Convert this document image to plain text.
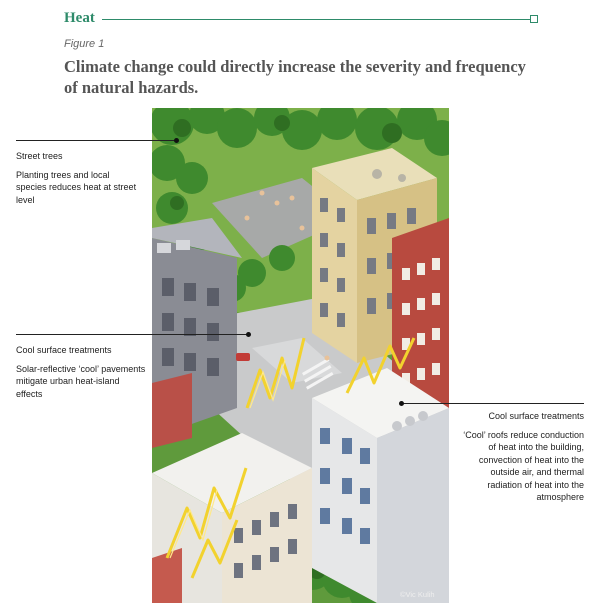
Heat
Figure 1
Climate change could directly increase the severity and frequency of natural hazards.
Street trees
Planting trees and local species reduces heat at street level
Cool surface treatments
Solar-reflective ‘cool’ pavements mitigate urban heat-island effects
Cool surface treatments
‘Cool’ roofs reduce conduction of heat into the building, convection of heat into the outside air, and thermal radiation of heat into the atmosphere
©Vic Kulih
